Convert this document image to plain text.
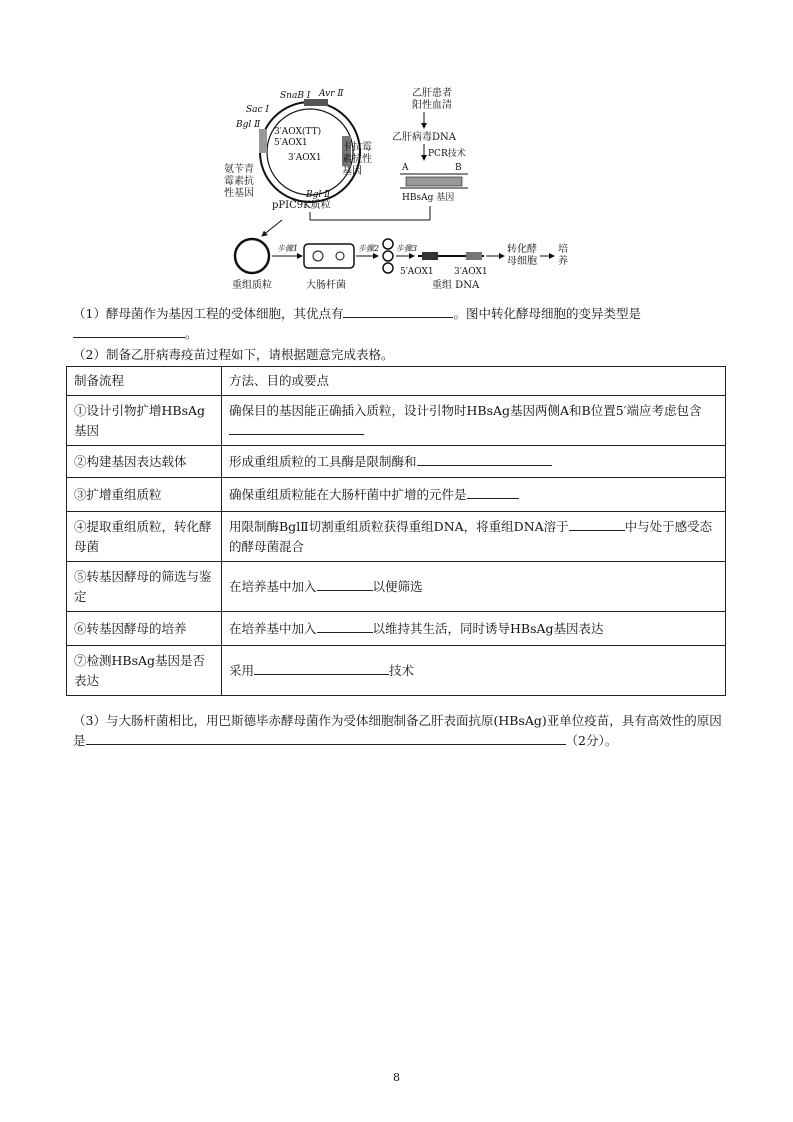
SnaB Ⅰ Avr Ⅱ
Sac Ⅰ
Bgl Ⅱ
Bgl Ⅱ
3′AOX(TT)
5′AOX1
3′AOX1
氨苄青
霉素抗
性基因
卡拉霉
素抗性
基因
pPIC9K质粒
乙肝患者
阳性血清
乙肝病毒DNA
PCR技术
A	B
HBsAg 基因
重组质粒
步骤1
大肠杆菌
步骤2 步骤3
5′AOX1 3′AOX1
重组 DNA
转化酵
母细胞
培
养
（1）酵母菌作为基因工程的受体细胞，其优点有	。图中转化酵母细胞的变异类型是
。
（2）制备乙肝病毒疫苗过程如下，请根据题意完成表格。
制备流程	方法、目的或要点
①设计引物扩增HBsAg基因	确保目的基因能正确插入质粒，设计引物时HBsAg基因两侧A和B位置5′端应考虑包含
②构建基因表达载体	形成重组质粒的工具酶是限制酶和
③扩增重组质粒	确保重组质粒能在大肠杆菌中扩增的元件是
④提取重组质粒，转化酵母菌	用限制酶BglⅡ切割重组质粒获得重组DNA，将重组DNA溶于 中与处于感受态的酵母菌混合
⑤转基因酵母的筛选与鉴定	在培养基中加入 以便筛选
⑥转基因酵母的培养	在培养基中加入 以维持其生活，同时诱导HBsAg基因表达
⑦检测HBsAg基因是否表达	采用 技术
（3）与大肠杆菌相比，用巴斯德毕赤酵母菌作为受体细胞制备乙肝表面抗原(HBsAg)亚单位疫苗，具有高效性的原因是	（2分）。
8
